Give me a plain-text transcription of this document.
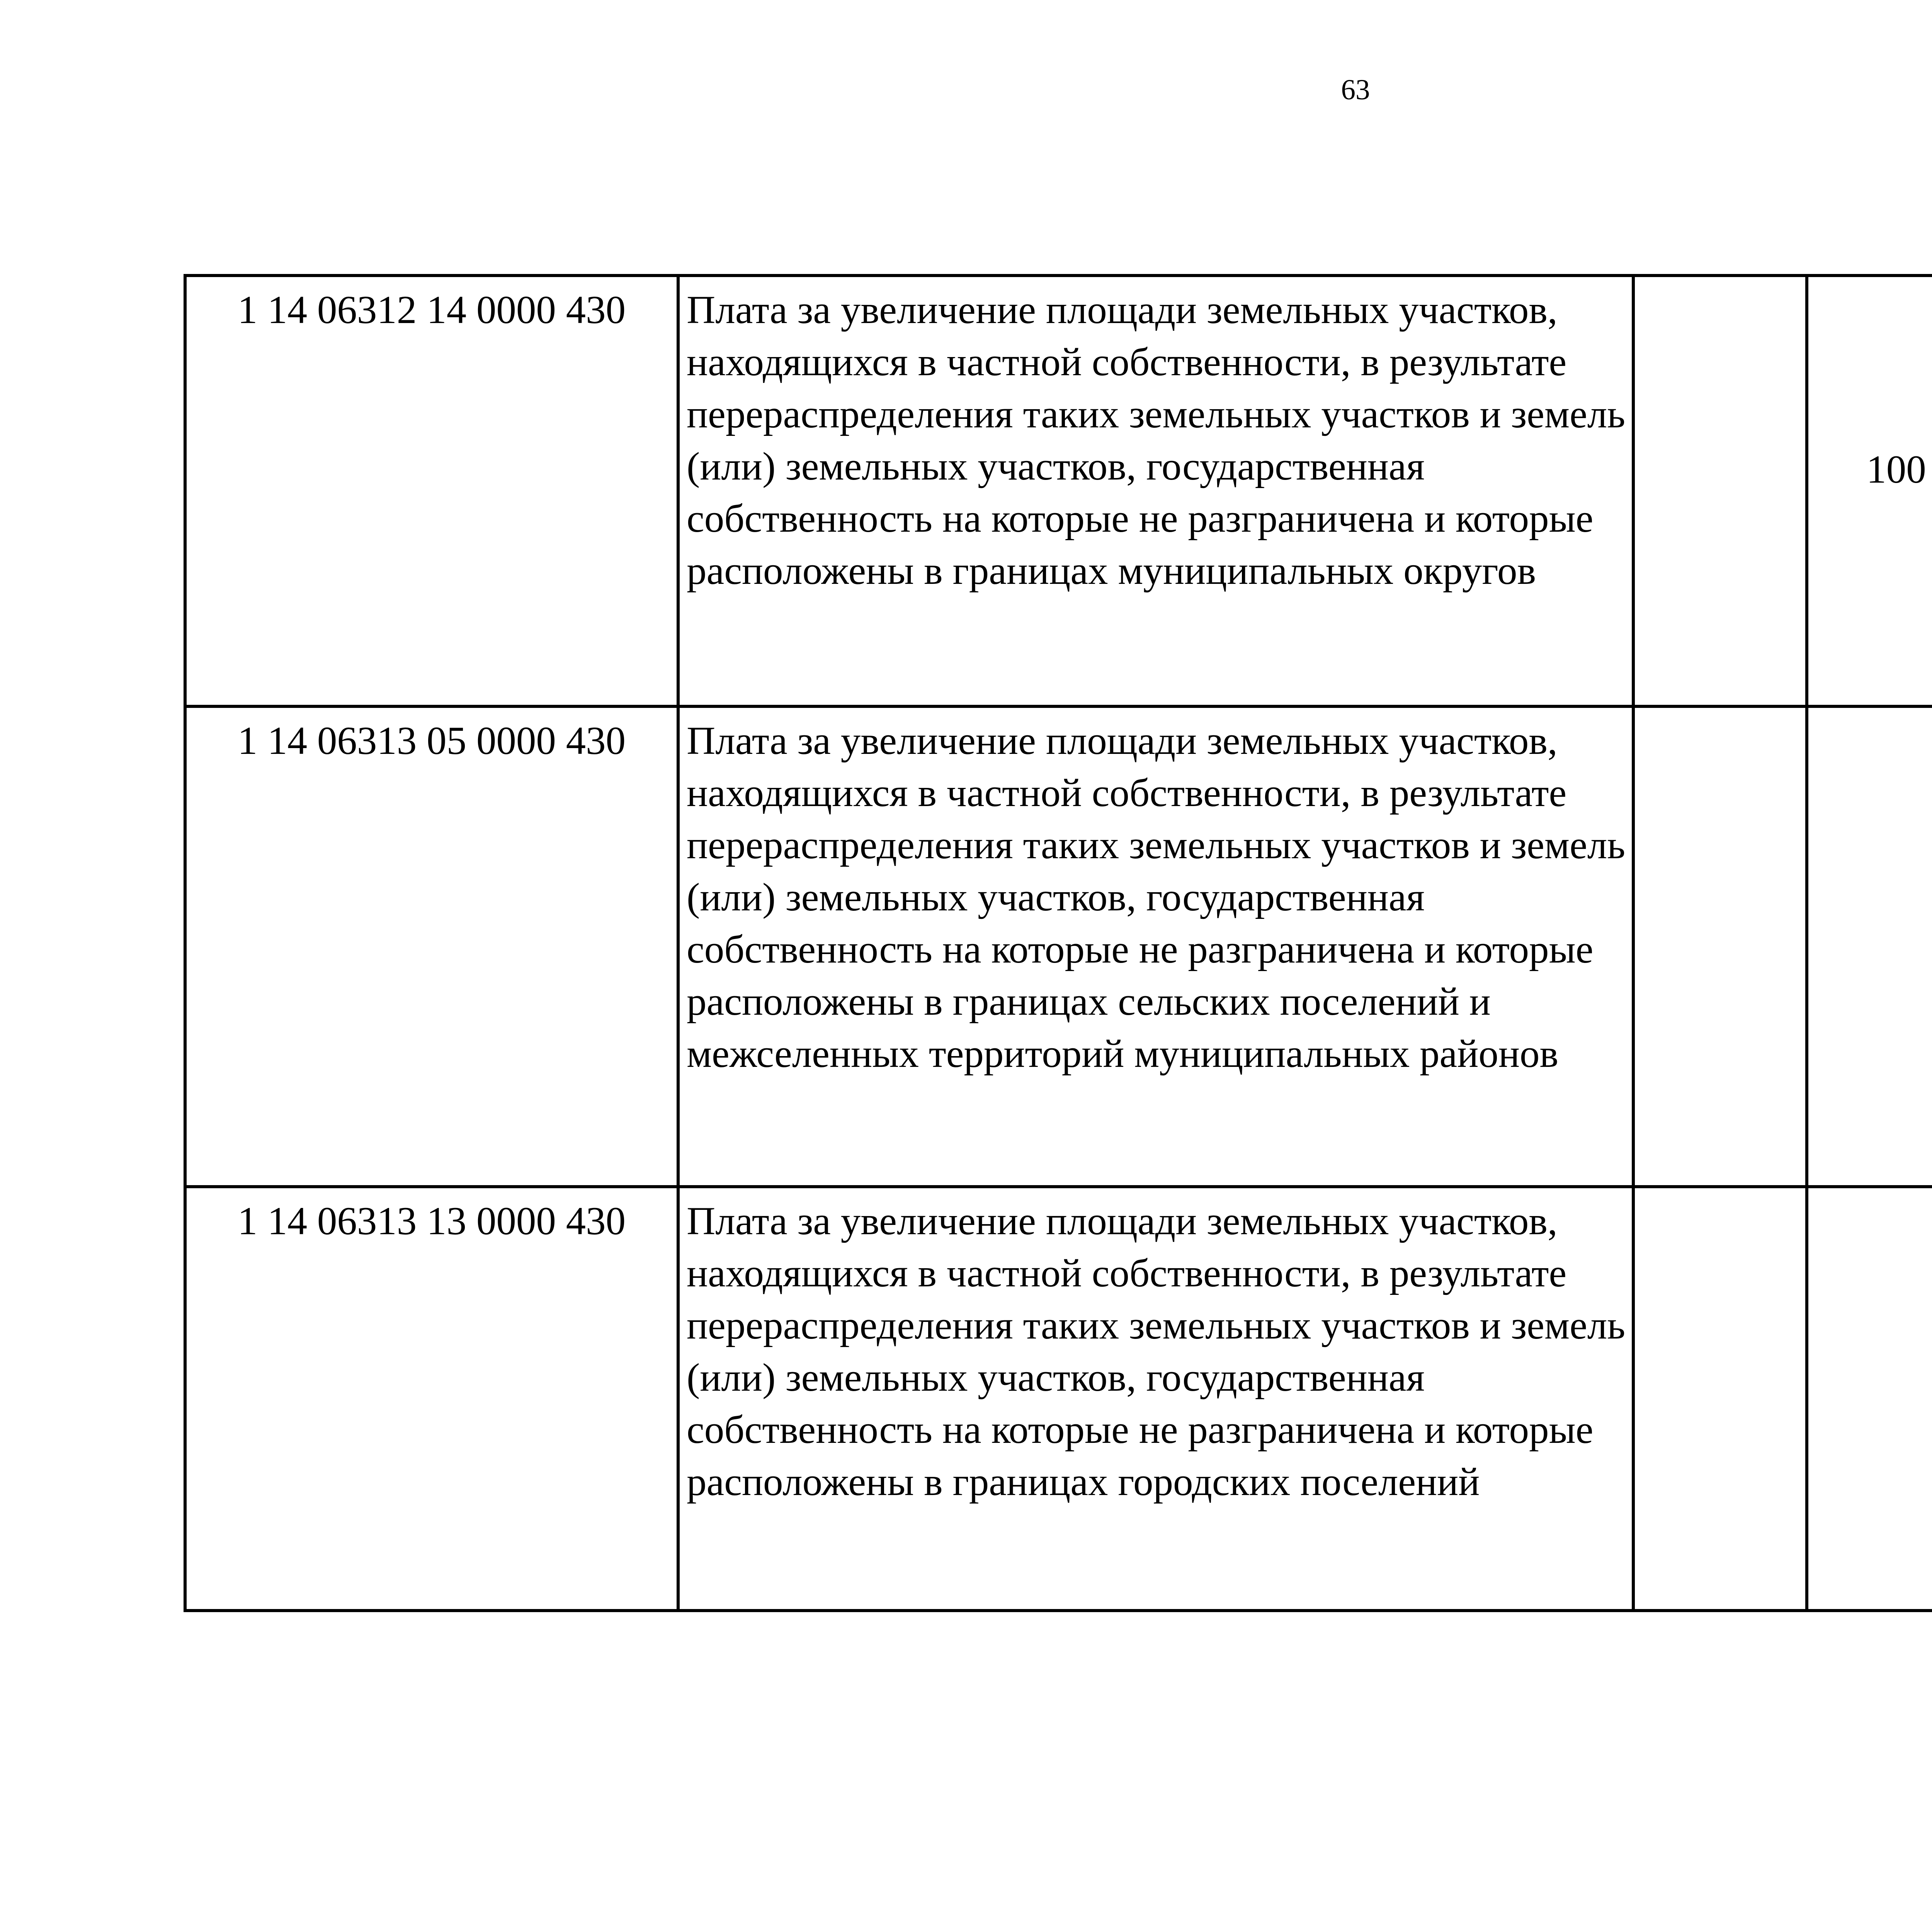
63
1 14 06312 14 0000 430	Плата за увеличение площади земельных участков, находящихся в частной собственности, в результате перераспределения таких земельных участков и земель (или) земельных участков, государственная собственность на которые не разграничена и которые расположены в границах муниципальных округов		100			
1 14 06313 05 0000 430	Плата за увеличение площади земельных участков, находящихся в частной собственности, в результате перераспределения таких земельных участков и земель (или) земельных участков, государственная собственность на которые не разграничена и которые расположены в границах сельских поселений и межселенных территорий муниципальных районов					
1 14 06313 13 0000 430	Плата за увеличение площади земельных участков, находящихся в частной собственности, в результате перераспределения таких земельных участков и земель (или) земельных участков, государственная собственность на которые не разграничена и которые расположены в границах городских поселений					
